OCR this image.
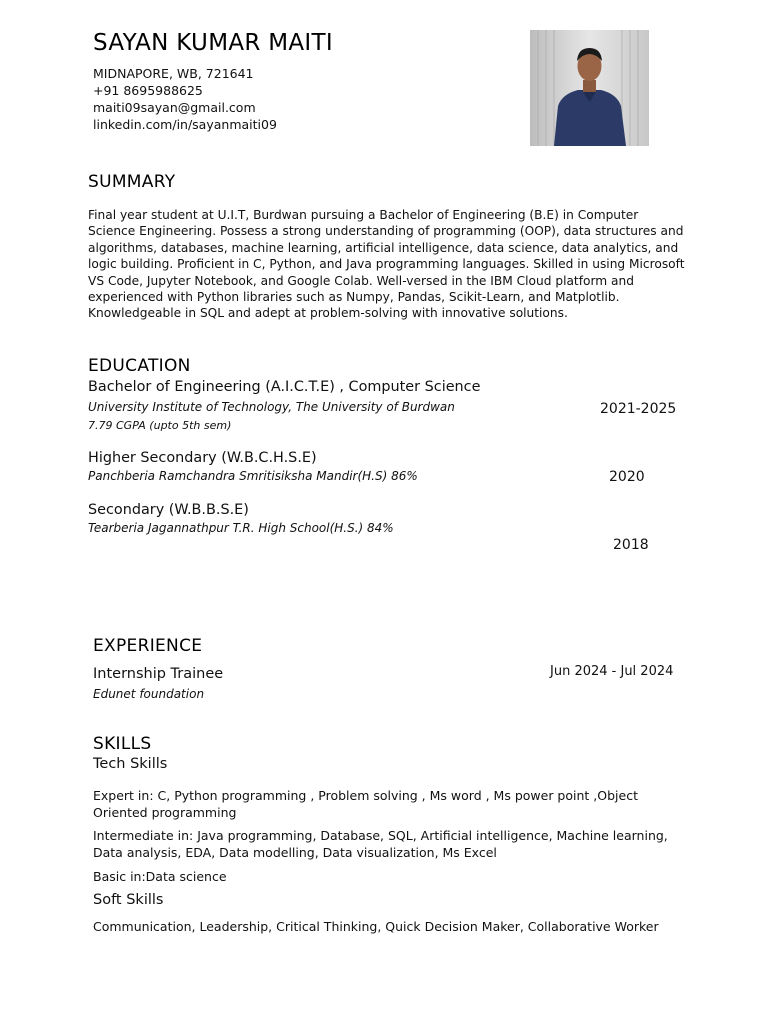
SAYAN KUMAR MAITI
MIDNAPORE, WB, 721641
+91 8695988625
maiti09sayan@gmail.com
linkedin.com/in/sayanmaiti09
SUMMARY
Final year student at U.I.T, Burdwan pursuing a Bachelor of Engineering (B.E) in Computer Science Engineering. Possess a strong understanding of programming (OOP), data structures and algorithms, databases, machine learning, artificial intelligence, data science, data analytics, and logic building. Proficient in C, Python, and Java programming languages. Skilled in using Microsoft VS Code, Jupyter Notebook, and Google Colab. Well-versed in the IBM Cloud platform and experienced with Python libraries such as Numpy, Pandas, Scikit-Learn, and Matplotlib. Knowledgeable in SQL and adept at problem-solving with innovative solutions.
EDUCATION
Bachelor of Engineering (A.I.C.T.E) , Computer Science
University Institute of Technology, The University of Burdwan
7.79 CGPA (upto 5th sem)
2021-2025
Higher Secondary (W.B.C.H.S.E)
Panchberia Ramchandra Smritisiksha Mandir(H.S) 86%	2020
Secondary (W.B.B.S.E)
Tearberia Jagannathpur T.R. High School(H.S.) 84%
2018
EXPERIENCE
Internship Trainee
Edunet foundation
Jun 2024 - Jul 2024
SKILLS
Tech Skills
Expert in: C, Python programming , Problem solving , Ms word , Ms power point ,Object Oriented programming
Intermediate in: Java programming, Database, SQL, Artificial intelligence, Machine learning, Data analysis, EDA, Data modelling, Data visualization, Ms Excel
Basic in:Data science
Soft Skills
Communication, Leadership, Critical Thinking, Quick Decision Maker, Collaborative Worker
